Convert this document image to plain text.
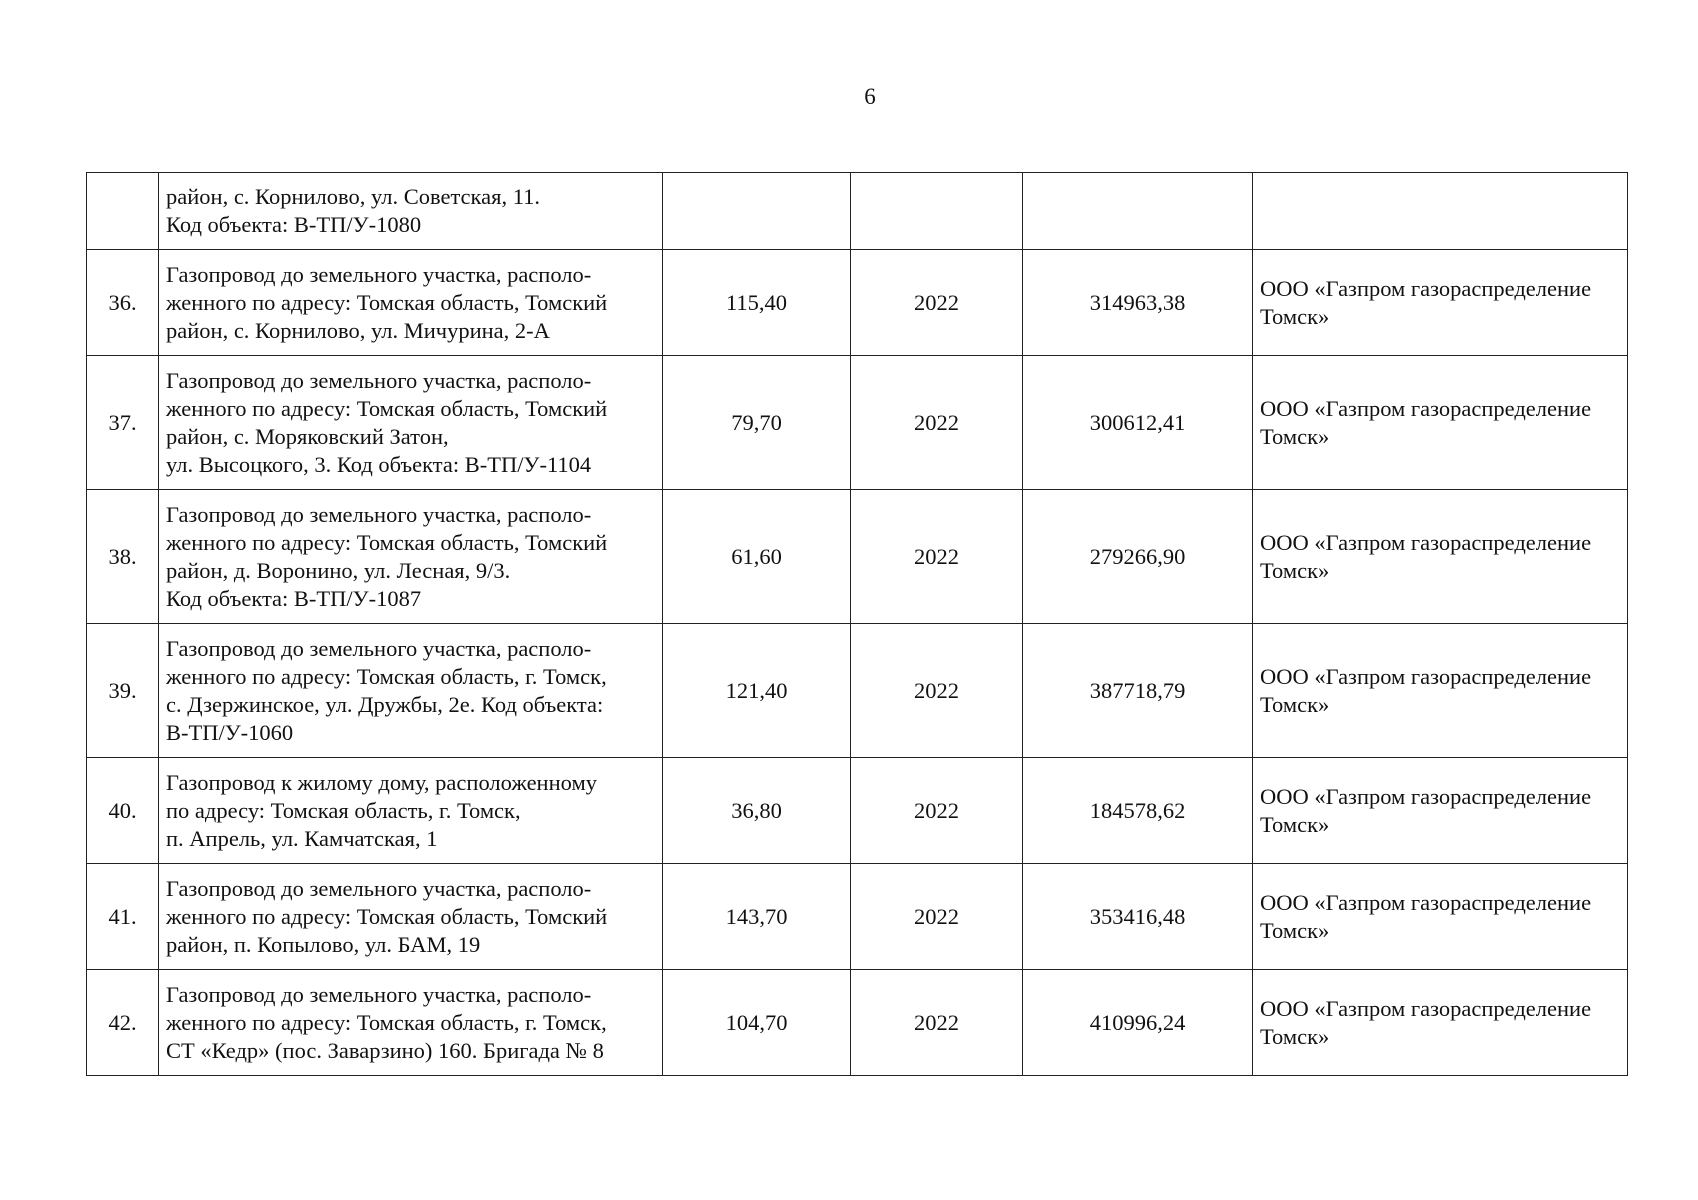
6
	район, с. Корнилово, ул. Советская, 11.
Код объекта: В-ТП/У-1080				
36.	Газопровод до земельного участка, располо-
женного по адресу: Томская область, Томский
район, с. Корнилово, ул. Мичурина, 2-А	115,40	2022	314963,38	ООО «Газпром газораспределение
Томск»
37.	Газопровод до земельного участка, располо-
женного по адресу: Томская область, Томский
район, с. Моряковский Затон,
ул. Высоцкого, 3. Код объекта: В-ТП/У-1104	79,70	2022	300612,41	ООО «Газпром газораспределение
Томск»
38.	Газопровод до земельного участка, располо-
женного по адресу: Томская область, Томский
район, д. Воронино, ул. Лесная, 9/3.
Код объекта: В-ТП/У-1087	61,60	2022	279266,90	ООО «Газпром газораспределение
Томск»
39.	Газопровод до земельного участка, располо-
женного по адресу: Томская область, г. Томск,
с. Дзержинское, ул. Дружбы, 2е. Код объекта:
В-ТП/У-1060	121,40	2022	387718,79	ООО «Газпром газораспределение
Томск»
40.	Газопровод к жилому дому, расположенному
по адресу: Томская область, г. Томск,
п. Апрель, ул. Камчатская, 1	36,80	2022	184578,62	ООО «Газпром газораспределение
Томск»
41.	Газопровод до земельного участка, располо-
женного по адресу: Томская область, Томский
район, п. Копылово, ул. БАМ, 19	143,70	2022	353416,48	ООО «Газпром газораспределение
Томск»
42.	Газопровод до земельного участка, располо-
женного по адресу: Томская область, г. Томск,
СТ «Кедр» (пос. Заварзино) 160. Бригада № 8	104,70	2022	410996,24	ООО «Газпром газораспределение
Томск»
